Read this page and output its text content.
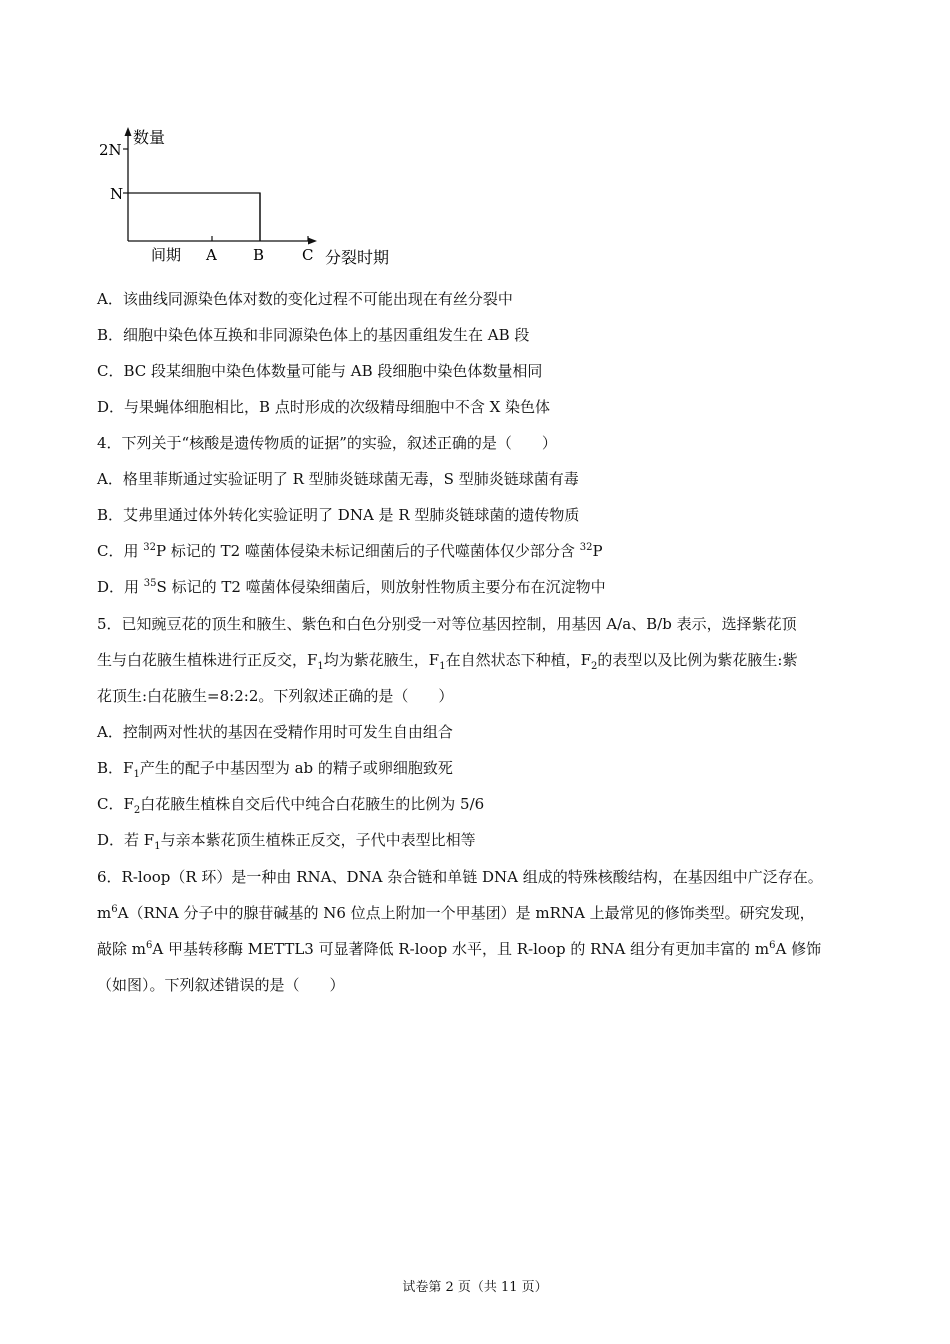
数量
2N
N
间期 A B	C 分裂时期
A．该曲线同源染色体对数的变化过程不可能出现在有丝分裂中
B．细胞中染色体互换和非同源染色体上的基因重组发生在 AB 段
C．BC 段某细胞中染色体数量可能与 AB 段细胞中染色体数量相同
D．与果蝇体细胞相比，B 点时形成的次级精母细胞中不含 X 染色体
4．下列关于“核酸是遗传物质的证据”的实验，叙述正确的是（　　）
A．格里菲斯通过实验证明了 R 型肺炎链球菌无毒，S 型肺炎链球菌有毒
B．艾弗里通过体外转化实验证明了 DNA 是 R 型肺炎链球菌的遗传物质
C．用 $^{32}$P 标记的 T2 噬菌体侵染未标记细菌后的子代噬菌体仅少部分含 $^{32}$P
D．用 $^{35}$S 标记的 T2 噬菌体侵染细菌后，则放射性物质主要分布在沉淀物中
5．已知豌豆花的顶生和腋生、紫色和白色分别受一对等位基因控制，用基因 A/a、B/b 表示，选择紫花顶
生与白花腋生植株进行正反交，$F_1$均为紫花腋生，$F_1$在自然状态下种植，$F_2$的表型以及比例为紫花腋生:紫
花顶生:白花腋生=8:2:2。下列叙述正确的是（　　）
A．控制两对性状的基因在受精作用时可发生自由组合
B．$F_1$产生的配子中基因型为 ab 的精子或卵细胞致死
C．$F_2$白花腋生植株自交后代中纯合白花腋生的比例为 5/6
D．若 $F_1$与亲本紫花顶生植株正反交，子代中表型比相等
6．R-loop（R 环）是一种由 RNA、DNA 杂合链和单链 DNA 组成的特殊核酸结构，在基因组中广泛存在。
$m^6A(RNA$ 分子中的腺苷碱基的 N6 位点上附加一个甲基团）是 mRNA 上最常见的修饰类型。研究发现，
敲除 $m^6A$ 甲基转移酶 METTL3 可显著降低 R-loop 水平，且 R-loop 的 RNA 组分有更加丰富的 $m^6A$ 修饰
（如图）。下列叙述错误的是（　　）
试卷第 2 页（共 11 页）
